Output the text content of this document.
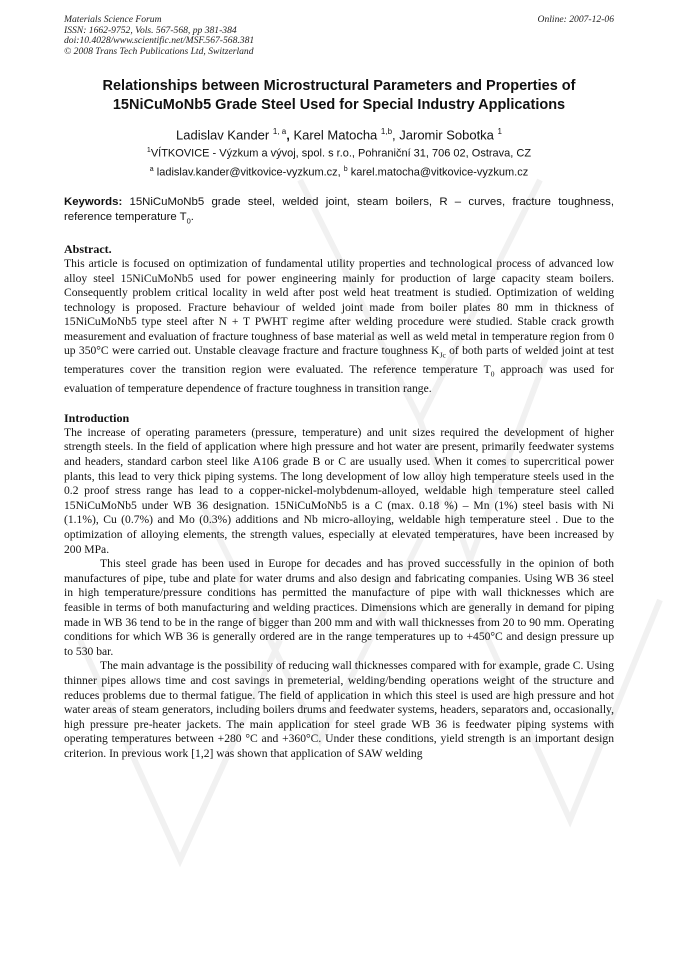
Materials Science Forum
ISSN: 1662-9752, Vols. 567-568, pp 381-384
doi:10.4028/www.scientific.net/MSF.567-568.381
© 2008 Trans Tech Publications Ltd, Switzerland
Online: 2007-12-06
Relationships between Microstructural Parameters and Properties of 15NiCuMoNb5 Grade Steel Used for Special Industry Applications
Ladislav Kander $^{1, a}$, Karel Matocha $^{1,b}$, Jaromir Sobotka $^1$
$^1$VÍTKOVICE - Výzkum a vývoj, spol. s r.o., Pohraniční 31, 706 02, Ostrava, CZ
$^a$ ladislav.kander@vitkovice-vyzkum.cz, $^b$ karel.matocha@vitkovice-vyzkum.cz
Keywords: 15NiCuMoNb5 grade steel, welded joint, steam boilers, R – curves, fracture toughness, reference temperature $T_0$.
Abstract.

This article is focused on optimization of fundamental utility properties and technological process of advanced low alloy steel 15NiCuMoNb5 used for power engineering mainly for production of large capacity steam boilers. Consequently problem critical locality in weld after post weld heat treatment is studied. Optimization of welding technology is proposed. Fracture behaviour of welded joint made from boiler plates 80 mm in thickness of 15NiCuMoNb5 type steel after N + T PWHT regime after welding procedure were studied. Stable crack growth measurement and evaluation of fracture toughness of base material as well as weld metal in temperature region from 0 up 350°C were carried out. Unstable cleavage fracture and fracture toughness $K_{Jc}$ of both parts of welded joint at test temperatures cover the transition region were evaluated. The reference temperature $T_0$ approach was used for evaluation of temperature dependence of fracture toughness in transition range.

Introduction

The increase of operating parameters (pressure, temperature) and unit sizes required the development of higher strength steels. In the field of application where high pressure and hot water are present, primarily feedwater systems and headers, standard carbon steel like A106 grade B or C are usually used. When it comes to supercritical power plants, this lead to very thick piping systems. The long development of low alloy high temperature steels used in the 0.2 proof stress range has lead to a copper-nickel-molybdenum-alloyed, weldable high temperature steel called 15NiCuMoNb5 under WB 36 designation. 15NiCuMoNb5 is a C (max. 0.18 %) – Mn (1%) steel basis with Ni (1.1%), Cu (0.7%) and Mo (0.3%) additions and Nb micro-alloying, weldable high temperature steel . Due to the optimization of alloying elements, the strength values, especially at elevated temperatures, have been increased by 200 MPa.

This steel grade has been used in Europe for decades and has proved successfully in the opinion of both manufactures of pipe, tube and plate for water drums and also design and fabricating companies. Using WB 36 steel in high temperature/pressure conditions has permitted the manufacture of pipe with wall thicknesses which are feasible in terms of both manufacturing and welding practices. Dimensions which are generally in demand for piping made in WB 36 tend to be in the range of bigger than 200 mm and with wall thicknesses from 20 to 90 mm. Operating conditions for which WB 36 is generally ordered are in the range temperatures up to +450°C and design pressure up to 530 bar.

The main advantage is the possibility of reducing wall thicknesses compared with for example, grade C. Using thinner pipes allows time and cost savings in premeterial, welding/bending operations weight of the structure and reduces problems due to thermal fatigue. The field of application in which this steel is used are high pressure and hot water areas of steam generators, including boilers drums and feedwater systems, headers, separators and, occasionally, high pressure pre-heater jackets. The main application for steel grade WB 36 is feedwater piping systems with operating temperatures between +280 °C and +360°C. Under these conditions, yield strength is an important design criterion. In previous work [1,2] was shown that application of SAW welding
